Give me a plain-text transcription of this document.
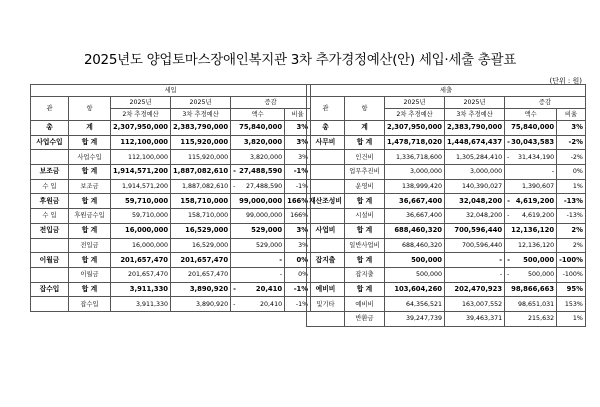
2025년도 양업토마스장애인복지관 3차 추가경정예산(안) 세입·세출 총괄표
(단위 : 원)
세입					
관	항	2025년	2025년	증감	
		2차 추경예산	3차 추경예산	액수	비율
총	계	2,307,950,000	2,383,790,000	75,840,000	3%
사업수입	합 계	112,100,000	115,920,000	3,820,000	3%
	사업수입	112,100,000	115,920,000	3,820,000	3%
보조금	합 계	1,914,571,200	1,887,082,610	- 27,488,590	-1%
수 입	보조금	1,914,571,200	1,887,082,610	- 27,488,590	-1%
후원금	합 계	59,710,000	158,710,000	99,000,000	166%
수 입	후원금수입	59,710,000	158,710,000	99,000,000	166%
전입금	합 계	16,000,000	16,529,000	529,000	3%
	전입금	16,000,000	16,529,000	529,000	3%
이월금	합 계	201,657,470	201,657,470	-	0%
	이월금	201,657,470	201,657,470	-	0%
잡수입	합 계	3,911,330	3,890,920	- 20,410	-1%
	잡수입	3,911,330	3,890,920	- 20,410	-1%
세출					
관	항	2025년	2025년	증감	
		2차 추경예산	3차 추경예산	액수	비율
총	계	2,307,950,000	2,383,790,000	75,840,000	3%
사무비	합 계	1,478,718,020	1,448,674,437	- 30,043,583	-2%
	인건비	1,336,718,600	1,305,284,410	- 31,434,190	-2%
	업무추진비	3,000,000	3,000,000	-	0%
	운영비	138,999,420	140,390,027	1,390,607	1%
재산조성비	합 계	36,667,400	32,048,200	- 4,619,200	-13%
	시설비	36,667,400	32,048,200	- 4,619,200	-13%
사업비	합 계	688,460,320	700,596,440	12,136,120	2%
	일반사업비	688,460,320	700,596,440	12,136,120	2%
잡지출	합 계	500,000	-	- 500,000	-100%
	잡지출	500,000	-	- 500,000	-100%
예비비	합 계	103,604,260	202,470,923	98,866,663	95%
및기타	예비비	64,356,521	163,007,552	98,651,031	153%
	반환금	39,247,739	39,463,371	215,632	1%
